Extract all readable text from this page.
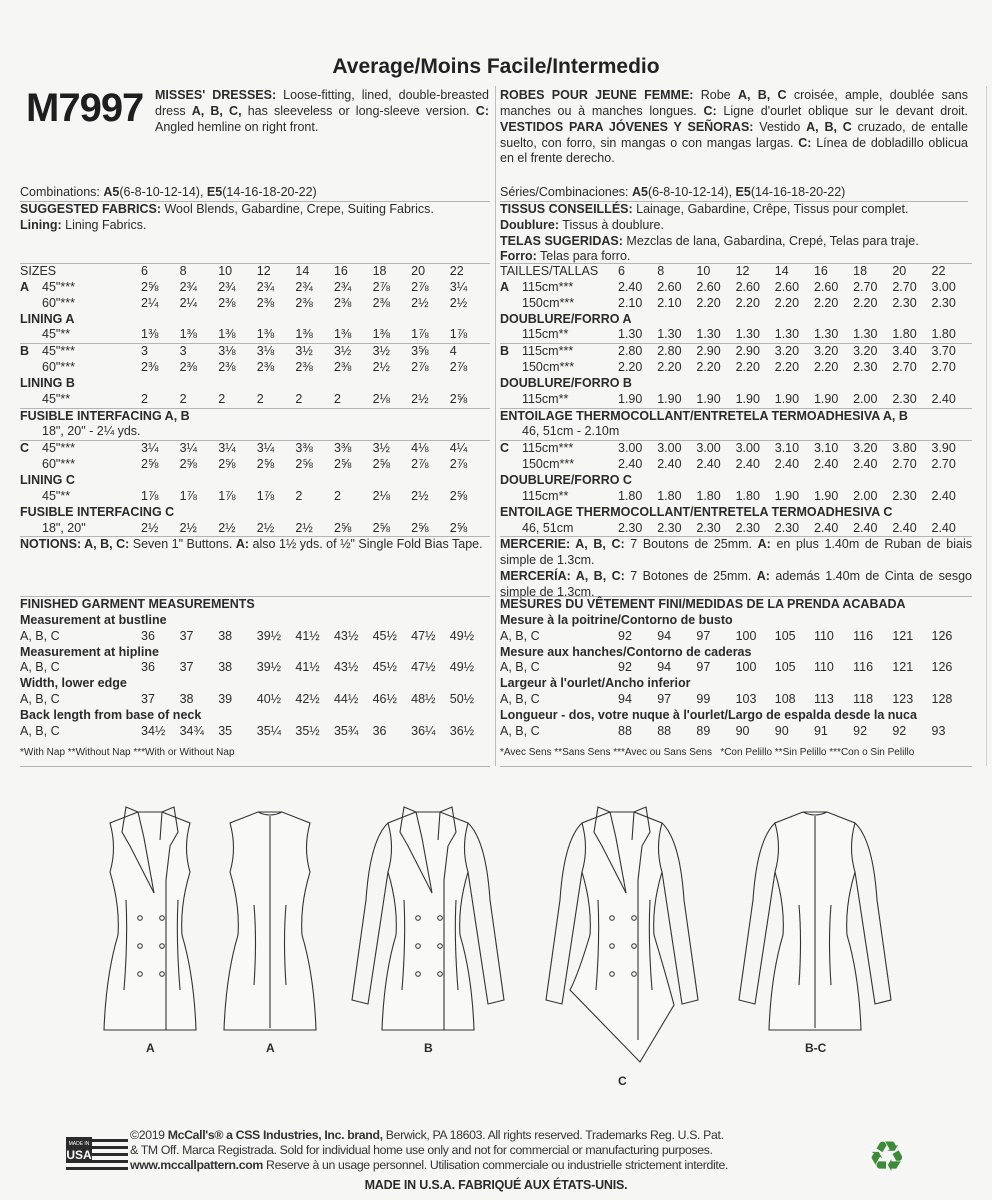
Average/Moins Facile/Intermedio
M7997 MISSES' DRESSES: Loose-fitting, lined, double-breasted dress A, B, C, has sleeveless or long-sleeve version. C: Angled hemline on right front.
ROBES POUR JEUNE FEMME: Robe A, B, C croisée, ample, doublée sans manches ou à manches longues. C: Ligne d'ourlet oblique sur le devant droit. VESTIDOS PARA JÓVENES Y SEÑORAS: Vestido A, B, C cruzado, de entalle suelto, con forro, sin mangas o con mangas largas. C: Línea de dobladillo oblicua en el frente derecho.
Combinations: A5(6-8-10-12-14), E5(14-16-18-20-22)
SUGGESTED FABRICS: Wool Blends, Gabardine, Crepe, Suiting Fabrics.
Lining: Lining Fabrics.
Séries/Combinaciones: A5(6-8-10-12-14), E5(14-16-18-20-22)
TISSUS CONSEILLÉS: Lainage, Gabardine, Crêpe, Tissus pour complet.
Doublure: Tissus à doublure.
TELAS SUGERIDAS: Mezclas de lana, Gabardina, Crepé, Telas para traje.
Forro: Telas para forro.
SIZES	6	8	10	12	14	16	18	20	22
A 45"***	2⅝	2¾	2¾	2¾	2¾	2¾	2⅞	2⅞	3¼
60"***	2¼	2¼	2⅜	2⅜	2⅜	2⅜	2⅜	2½	2½
LINING A
45"**	1⅜	1⅜	1⅜	1⅜	1⅜	1⅜	1⅜	1⅞	1⅞
B 45"***	3	3	3⅛	3⅛	3½	3½	3½	3⅝	4
60"***	2⅜	2⅜	2⅜	2⅜	2⅜	2⅜	2½	2⅞	2⅞
LINING B
45"**	2	2	2	2	2	2	2⅛	2½	2⅝
FUSIBLE INTERFACING A, B
18", 20" - 2¼ yds.
C 45"***	3¼	3¼	3¼	3¼	3⅜	3⅜	3½	4⅛	4¼
60"***	2⅝	2⅝	2⅝	2⅝	2⅝	2⅝	2⅝	2⅞	2⅞
LINING C
45"**	1⅞	1⅞	1⅞	1⅞	2	2	2⅛	2½	2⅝
FUSIBLE INTERFACING C
18", 20"	2½	2½	2½	2½	2½	2⅝	2⅝	2⅝	2⅝
NOTIONS: A, B, C: Seven 1" Buttons. A: also 1½ yds. of ½" Single Fold Bias Tape.
TAILLES/TALLAS	6	8	10	12	14	16	18	20	22
A 115cm***	2.40	2.60	2.60	2.60	2.60	2.60	2.70	2.70	3.00
150cm***	2.10	2.10	2.20	2.20	2.20	2.20	2.20	2.30	2.30
DOUBLURE/FORRO A
115cm**	1.30	1.30	1.30	1.30	1.30	1.30	1.30	1.80	1.80
B 115cm***	2.80	2.80	2.90	2.90	3.20	3.20	3.20	3.40	3.70
150cm***	2.20	2.20	2.20	2.20	2.20	2.20	2.30	2.70	2.70
DOUBLURE/FORRO B
115cm**	1.90	1.90	1.90	1.90	1.90	1.90	2.00	2.30	2.40
ENTOILAGE THERMOCOLLANT/ENTRETELA TERMOADHESIVA A, B
46, 51cm - 2.10m
C 115cm***	3.00	3.00	3.00	3.00	3.10	3.10	3.20	3.80	3.90
150cm***	2.40	2.40	2.40	2.40	2.40	2.40	2.40	2.70	2.70
DOUBLURE/FORRO C
115cm**	1.80	1.80	1.80	1.80	1.90	1.90	2.00	2.30	2.40
ENTOILAGE THERMOCOLLANT/ENTRETELA TERMOADHESIVA C
46, 51cm	2.30	2.30	2.30	2.30	2.30	2.40	2.40	2.40	2.40
MERCERIE: A, B, C: 7 Boutons de 25mm. A: en plus 1.40m de Ruban de biais simple de 1.3cm.
MERCERÍA: A, B, C: 7 Botones de 25mm. A: además 1.40m de Cinta de sesgo simple de 1.3cm.
FINISHED GARMENT MEASUREMENTS
Measurement at bustline
A, B, C	36	37	38	39½	41½	43½	45½	47½	49½
Measurement at hipline
A, B, C	36	37	38	39½	41½	43½	45½	47½	49½
Width, lower edge
A, B, C	37	38	39	40½	42½	44½	46½	48½	50½
Back length from base of neck
A, B, C	34½	34¾	35	35¼	35½	35¾	36	36¼	36½
*With Nap **Without Nap ***With or Without Nap
MESURES DU VÊTEMENT FINI/MEDIDAS DE LA PRENDA ACABADA
Mesure à la poitrine/Contorno de busto
A, B, C	92	94	97	100	105	110	116	121	126
Mesure aux hanches/Contorno de caderas
A, B, C	92	94	97	100	105	110	116	121	126
Largeur à l'ourlet/Ancho inferior
A, B, C	94	97	99	103	108	113	118	123	128
Longueur - dos, votre nuque à l'ourlet/Largo de espalda desde la nuca
A, B, C	88	88	89	90	90	91	92	92	93
*Avec Sens **Sans Sens ***Avec ou Sans Sens   *Con Pelillo **Sin Pelillo ***Con o Sin Pelillo
A	A	B
C
B-C
MADE IN
USA
©2019 McCall's® a CSS Industries, Inc. brand, Berwick, PA 18603. All rights reserved. Trademarks Reg. U.S. Pat.
& TM Off. Marca Registrada. Sold for individual home use only and not for commercial or manufacturing purposes.
www.mccallpattern.com Reserve à un usage personnel. Utilisation commerciale ou industrielle strictement interdite.
MADE IN U.S.A. FABRIQUÉ AUX ÉTATS-UNIS.
♻
